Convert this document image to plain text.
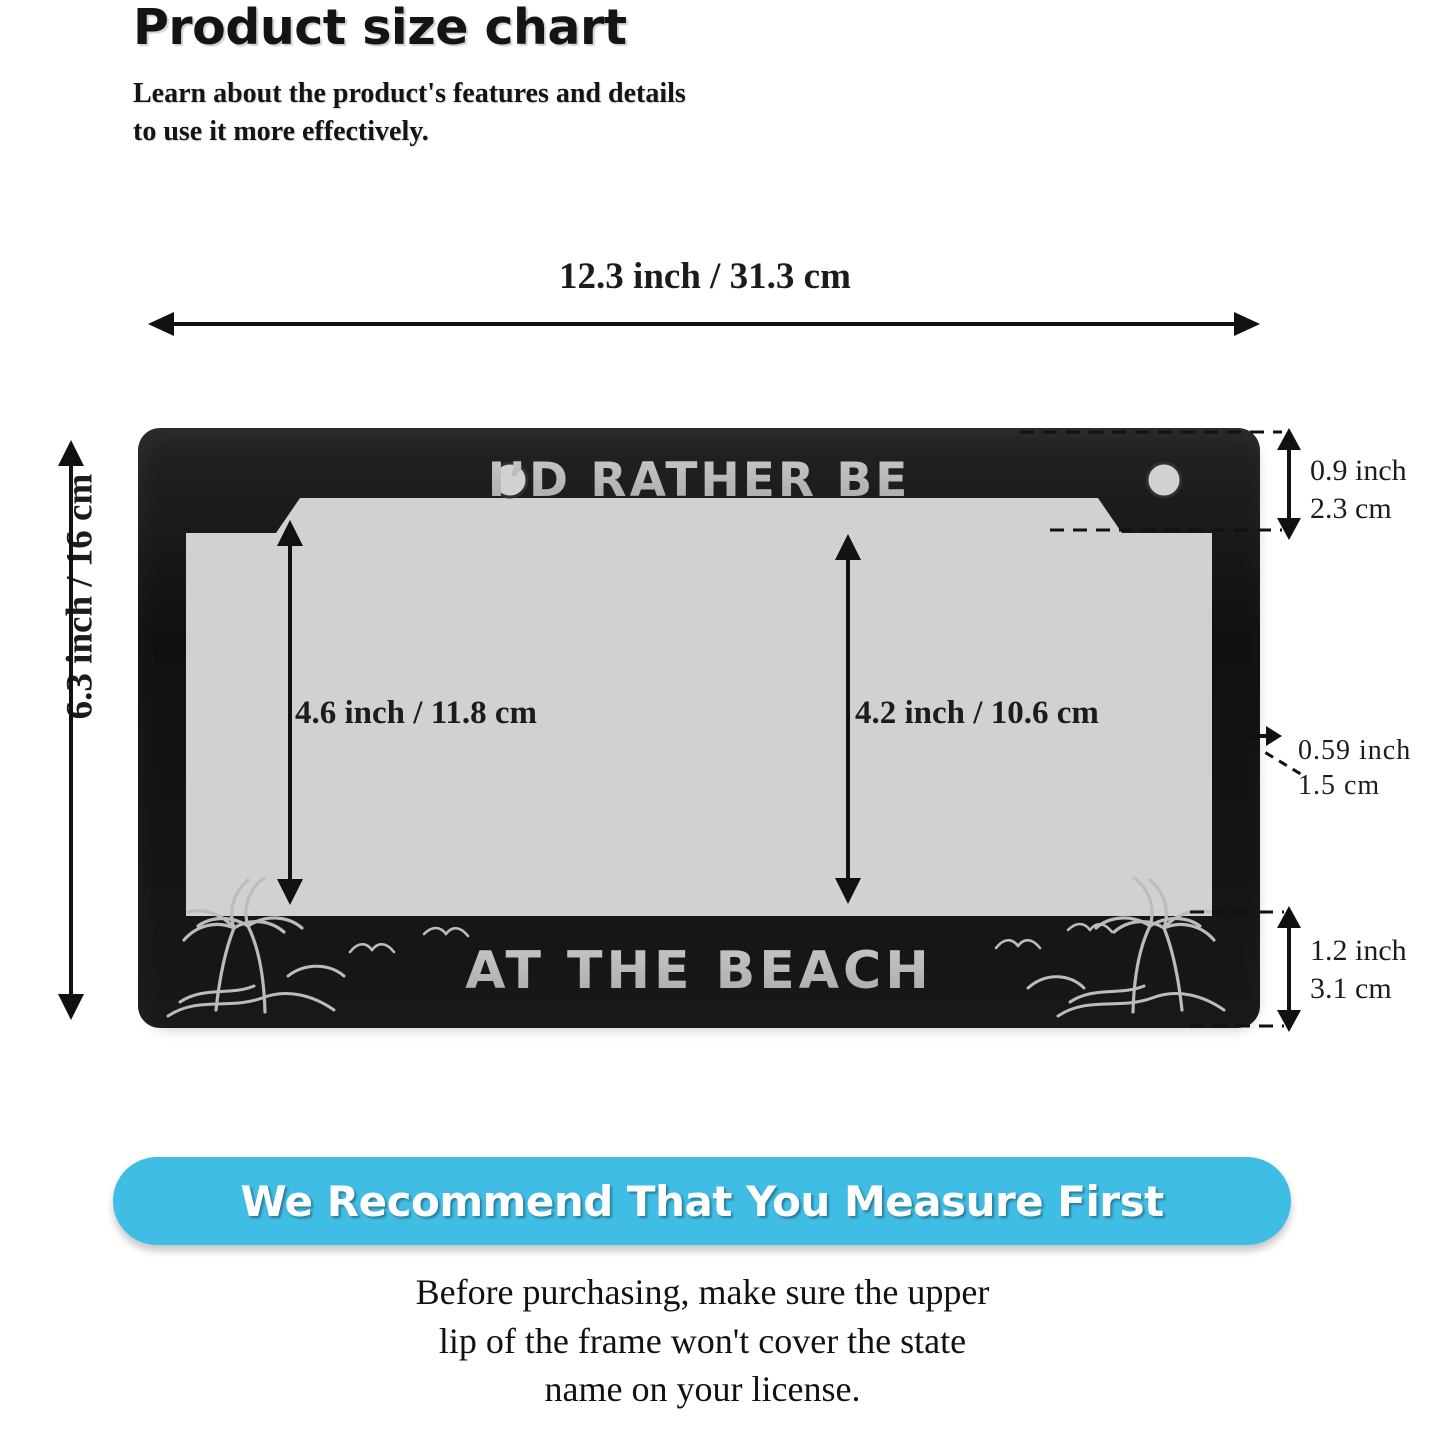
Product size chart
Learn about the product's features and details
to use it more effectively.
12.3 inch / 31.3 cm
6.3 inch / 16 cm	I’D RATHER BE
AT THE BEACH
4.6 inch / 11.8 cm	4.2 inch / 10.6 cm
0.9 inch
2.3 cm
0.59 inch
1.5 cm
1.2 inch
3.1 cm
We Recommend That You Measure First
Before purchasing, make sure the upper
lip of the frame won't cover the state
name on your license.
